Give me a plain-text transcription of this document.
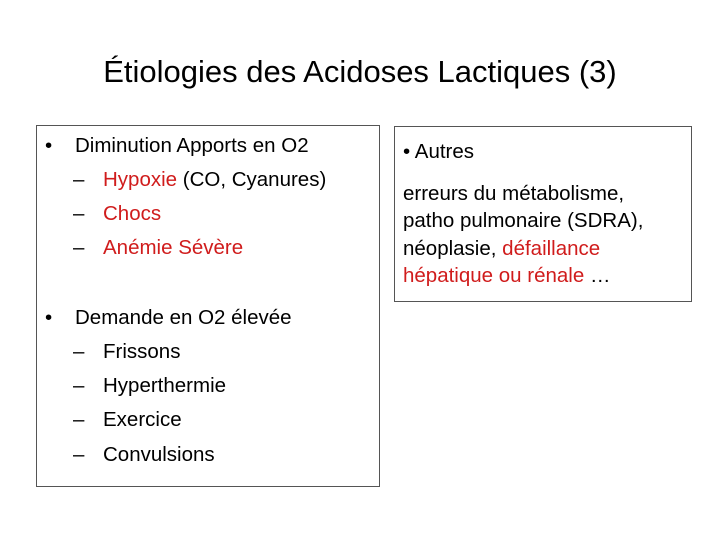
Étiologies des Acidoses Lactiques (3)
• Diminution Apports en O2
– Hypoxie (CO, Cyanures)
– Chocs
– Anémie Sévère
• Demande en O2 élevée
– Frissons
– Hyperthermie
– Exercice
– Convulsions
• Autres
erreurs du métabolisme,
patho pulmonaire (SDRA),
néoplasie, défaillance
hépatique ou rénale …
